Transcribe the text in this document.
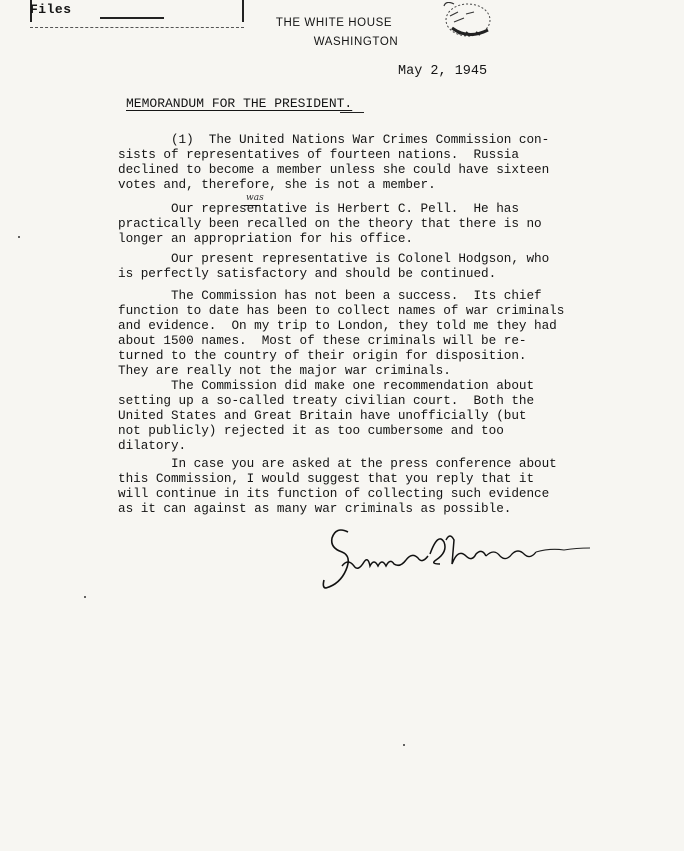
Files
THE WHITE HOUSE
WASHINGTON
May 2, 1945
MEMORANDUM FOR THE PRESIDENT.
(1)  The United Nations War Crimes Commission con-
sists of representatives of fourteen nations.  Russia
declined to become a member unless she could have sixteen
votes and, therefore, she is not a member.
was
Our representative is Herbert C. Pell.  He has
practically been recalled on the theory that there is no
longer an appropriation for his office.
Our present representative is Colonel Hodgson, who
is perfectly satisfactory and should be continued.
The Commission has not been a success.  Its chief
function to date has been to collect names of war criminals
and evidence.  On my trip to London, they told me they had
about 1500 names.  Most of these criminals will be re-
turned to the country of their origin for disposition.
They are really not the major war criminals.
The Commission did make one recommendation about
setting up a so-called treaty civilian court.  Both the
United States and Great Britain have unofficially (but
not publicly) rejected it as too cumbersome and too
dilatory.
In case you are asked at the press conference about
this Commission, I would suggest that you reply that it
will continue in its function of collecting such evidence
as it can against as many war criminals as possible.
